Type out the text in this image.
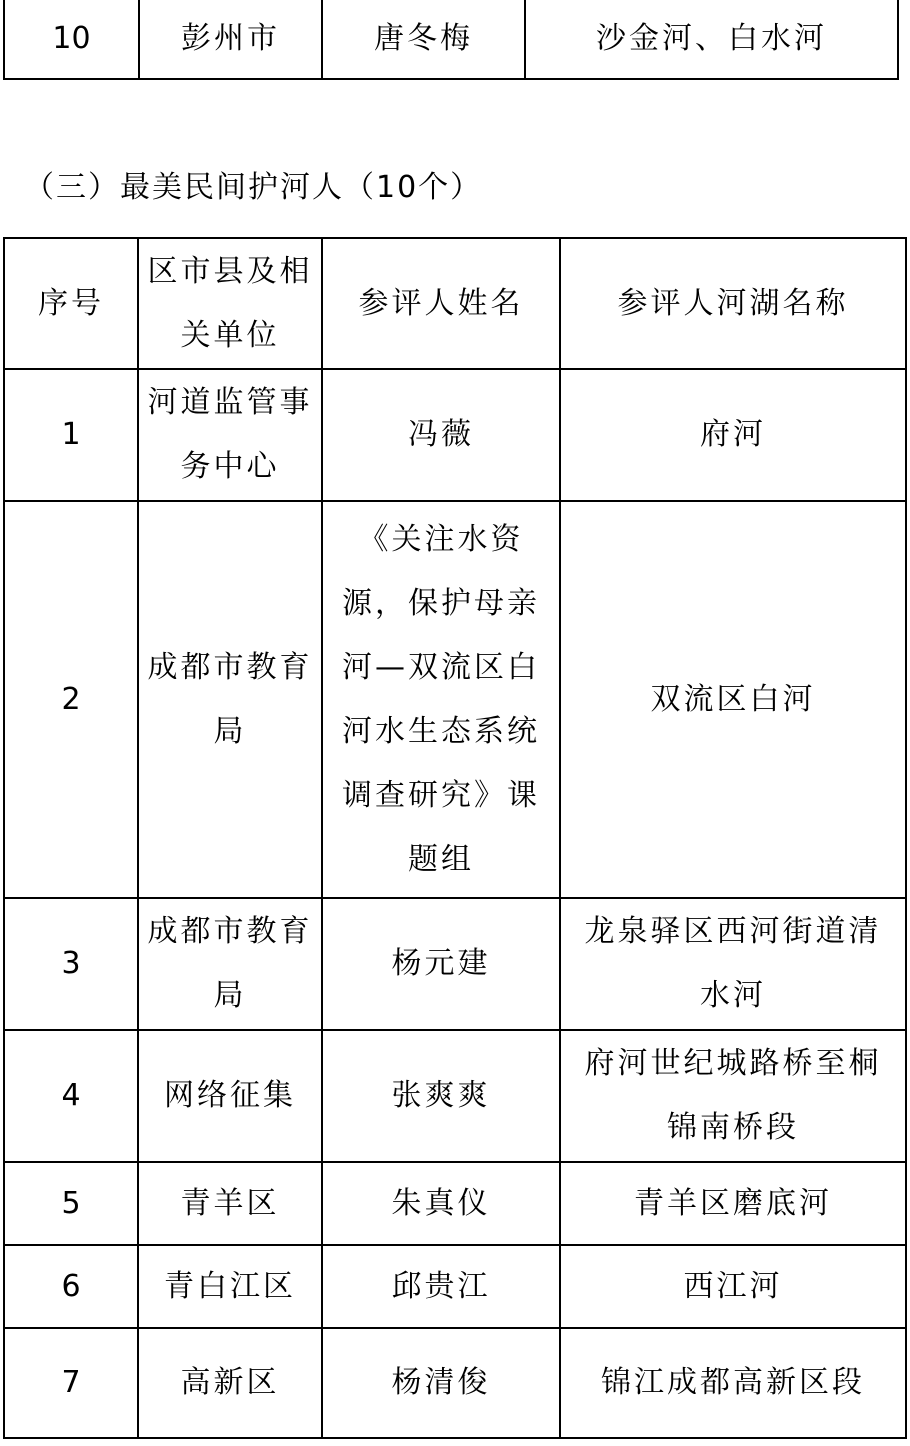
10	彭州市	唐冬梅	沙金河、白水河
（三）最美民间护河人（10个）
序号	区市县及相关单位	参评人姓名	参评人河湖名称
1	河道监管事务中心	冯薇	府河
2	成都市教育局	《关注水资源，保护母亲河—双流区白河水生态系统调查研究》课题组	双流区白河
3	成都市教育局	杨元建	龙泉驿区西河街道清水河
4	网络征集	张爽爽	府河世纪城路桥至桐锦南桥段
5	青羊区	朱真仪	青羊区磨底河
6	青白江区	邱贵江	西江河
7	高新区	杨清俊	锦江成都高新区段
